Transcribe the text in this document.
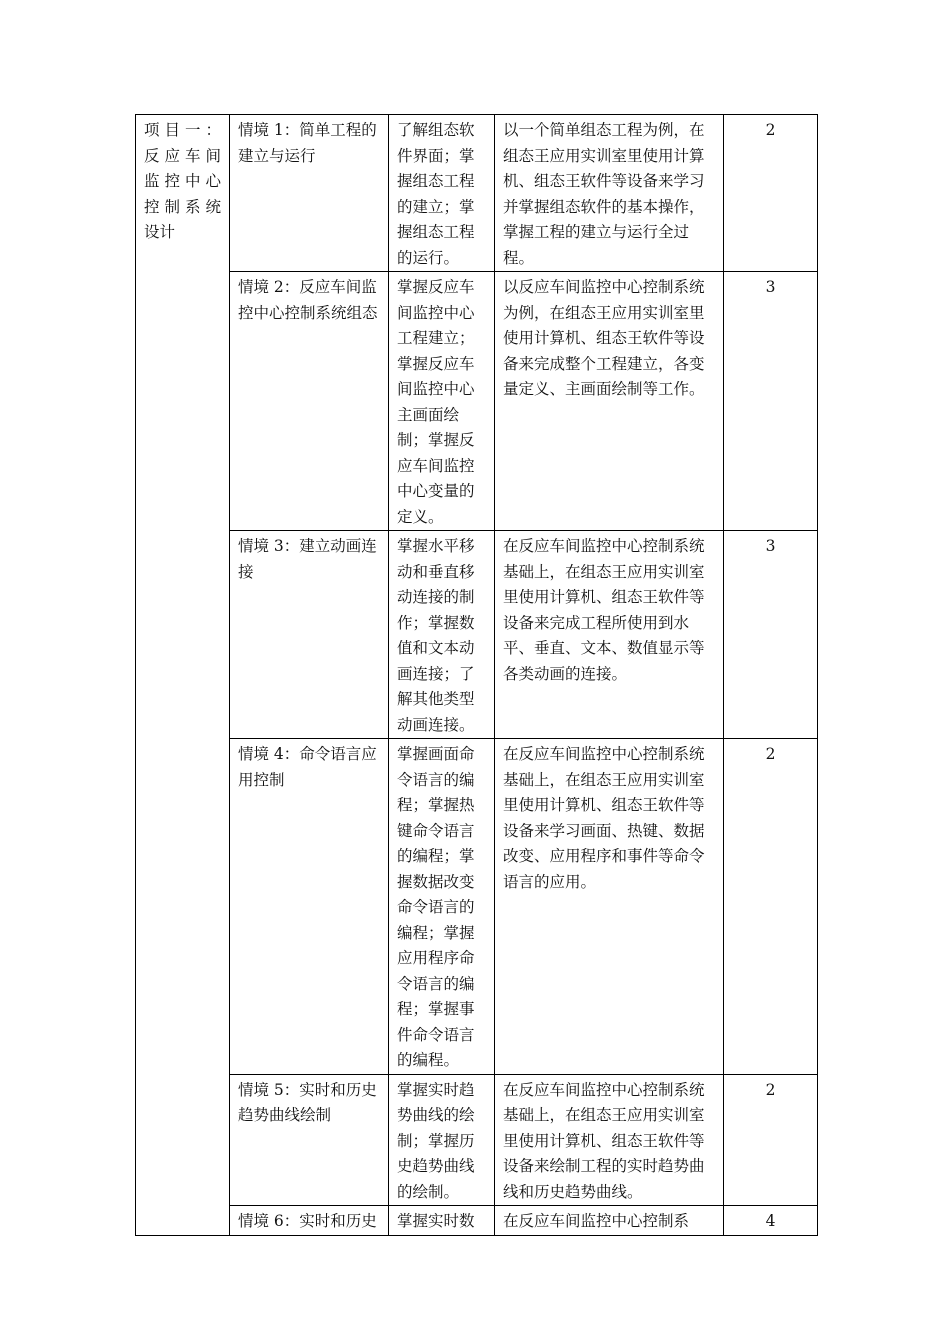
项目一：反应车间监控中心控制系统设计	情境 1：简单工程的建立与运行	了解组态软件界面；掌握组态工程的建立；掌握组态工程的运行。	以一个简单组态工程为例，在组态王应用实训室里使用计算机、组态王软件等设备来学习并掌握组态软件的基本操作，掌握工程的建立与运行全过程。	2
	情境 2：反应车间监控中心控制系统组态	掌握反应车间监控中心工程建立；掌握反应车间监控中心主画面绘制；掌握反应车间监控中心变量的定义。	以反应车间监控中心控制系统为例，在组态王应用实训室里使用计算机、组态王软件等设备来完成整个工程建立，各变量定义、主画面绘制等工作。	3
	情境 3：建立动画连接	掌握水平移动和垂直移动连接的制作；掌握数值和文本动画连接；了解其他类型动画连接。	在反应车间监控中心控制系统基础上，在组态王应用实训室里使用计算机、组态王软件等设备来完成工程所使用到水平、垂直、文本、数值显示等各类动画的连接。	3
	情境 4：命令语言应用控制	掌握画面命令语言的编程；掌握热键命令语言的编程；掌握数据改变命令语言的编程；掌握应用程序命令语言的编程；掌握事件命令语言的编程。	在反应车间监控中心控制系统基础上，在组态王应用实训室里使用计算机、组态王软件等设备来学习画面、热键、数据改变、应用程序和事件等命令语言的应用。	2
	情境 5：实时和历史趋势曲线绘制	掌握实时趋势曲线的绘制；掌握历史趋势曲线的绘制。	在反应车间监控中心控制系统基础上，在组态王应用实训室里使用计算机、组态王软件等设备来绘制工程的实时趋势曲线和历史趋势曲线。	2
	情境 6：实时和历史	掌握实时数	在反应车间监控中心控制系	4
